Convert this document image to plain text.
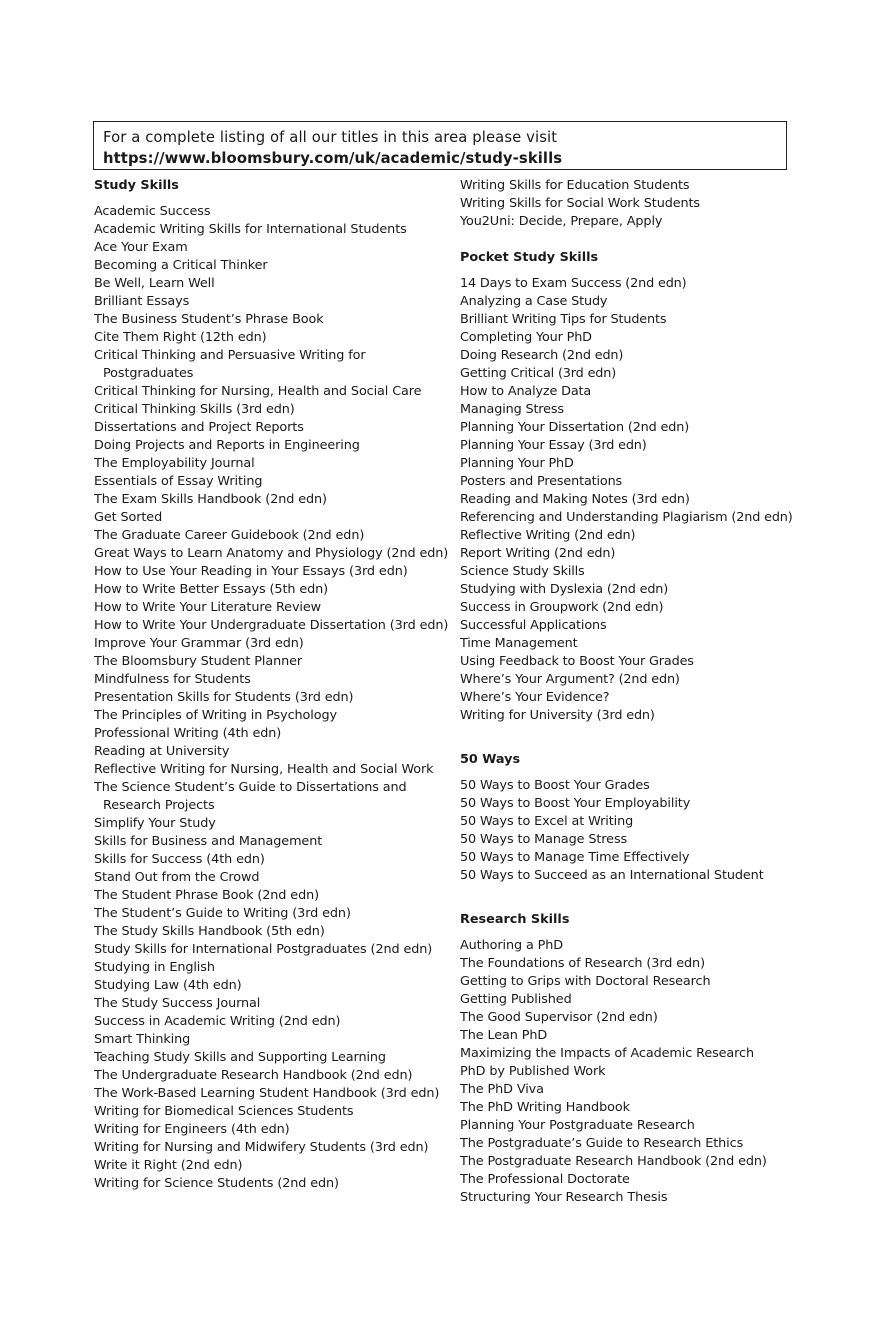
For a complete listing of all our titles in this area please visit
https://www.bloomsbury.com/uk/academic/study-skills
Study Skills
Academic Success
Academic Writing Skills for International Students
Ace Your Exam
Becoming a Critical Thinker
Be Well, Learn Well
Brilliant Essays
The Business Student’s Phrase Book
Cite Them Right (12th edn)
Critical Thinking and Persuasive Writing for Postgraduates
Critical Thinking for Nursing, Health and Social Care
Critical Thinking Skills (3rd edn)
Dissertations and Project Reports
Doing Projects and Reports in Engineering
The Employability Journal
Essentials of Essay Writing
The Exam Skills Handbook (2nd edn)
Get Sorted
The Graduate Career Guidebook (2nd edn)
Great Ways to Learn Anatomy and Physiology (2nd edn)
How to Use Your Reading in Your Essays (3rd edn)
How to Write Better Essays (5th edn)
How to Write Your Literature Review
How to Write Your Undergraduate Dissertation (3rd edn)
Improve Your Grammar (3rd edn)
The Bloomsbury Student Planner
Mindfulness for Students
Presentation Skills for Students (3rd edn)
The Principles of Writing in Psychology
Professional Writing (4th edn)
Reading at University
Reflective Writing for Nursing, Health and Social Work
The Science Student’s Guide to Dissertations and Research Projects
Simplify Your Study
Skills for Business and Management
Skills for Success (4th edn)
Stand Out from the Crowd
The Student Phrase Book (2nd edn)
The Student’s Guide to Writing (3rd edn)
The Study Skills Handbook (5th edn)
Study Skills for International Postgraduates (2nd edn)
Studying in English
Studying Law (4th edn)
The Study Success Journal
Success in Academic Writing (2nd edn)
Smart Thinking
Teaching Study Skills and Supporting Learning
The Undergraduate Research Handbook (2nd edn)
The Work-Based Learning Student Handbook (3rd edn)
Writing for Biomedical Sciences Students
Writing for Engineers (4th edn)
Writing for Nursing and Midwifery Students (3rd edn)
Write it Right (2nd edn)
Writing for Science Students (2nd edn)
Writing Skills for Education Students
Writing Skills for Social Work Students
You2Uni: Decide, Prepare, Apply
Pocket Study Skills
14 Days to Exam Success (2nd edn)
Analyzing a Case Study
Brilliant Writing Tips for Students
Completing Your PhD
Doing Research (2nd edn)
Getting Critical (3rd edn)
How to Analyze Data
Managing Stress
Planning Your Dissertation (2nd edn)
Planning Your Essay (3rd edn)
Planning Your PhD
Posters and Presentations
Reading and Making Notes (3rd edn)
Referencing and Understanding Plagiarism (2nd edn)
Reflective Writing (2nd edn)
Report Writing (2nd edn)
Science Study Skills
Studying with Dyslexia (2nd edn)
Success in Groupwork (2nd edn)
Successful Applications
Time Management
Using Feedback to Boost Your Grades
Where’s Your Argument? (2nd edn)
Where’s Your Evidence?
Writing for University (3rd edn)
50 Ways
50 Ways to Boost Your Grades
50 Ways to Boost Your Employability
50 Ways to Excel at Writing
50 Ways to Manage Stress
50 Ways to Manage Time Effectively
50 Ways to Succeed as an International Student
Research Skills
Authoring a PhD
The Foundations of Research (3rd edn)
Getting to Grips with Doctoral Research
Getting Published
The Good Supervisor (2nd edn)
The Lean PhD
Maximizing the Impacts of Academic Research
PhD by Published Work
The PhD Viva
The PhD Writing Handbook
Planning Your Postgraduate Research
The Postgraduate’s Guide to Research Ethics
The Postgraduate Research Handbook (2nd edn)
The Professional Doctorate
Structuring Your Research Thesis
